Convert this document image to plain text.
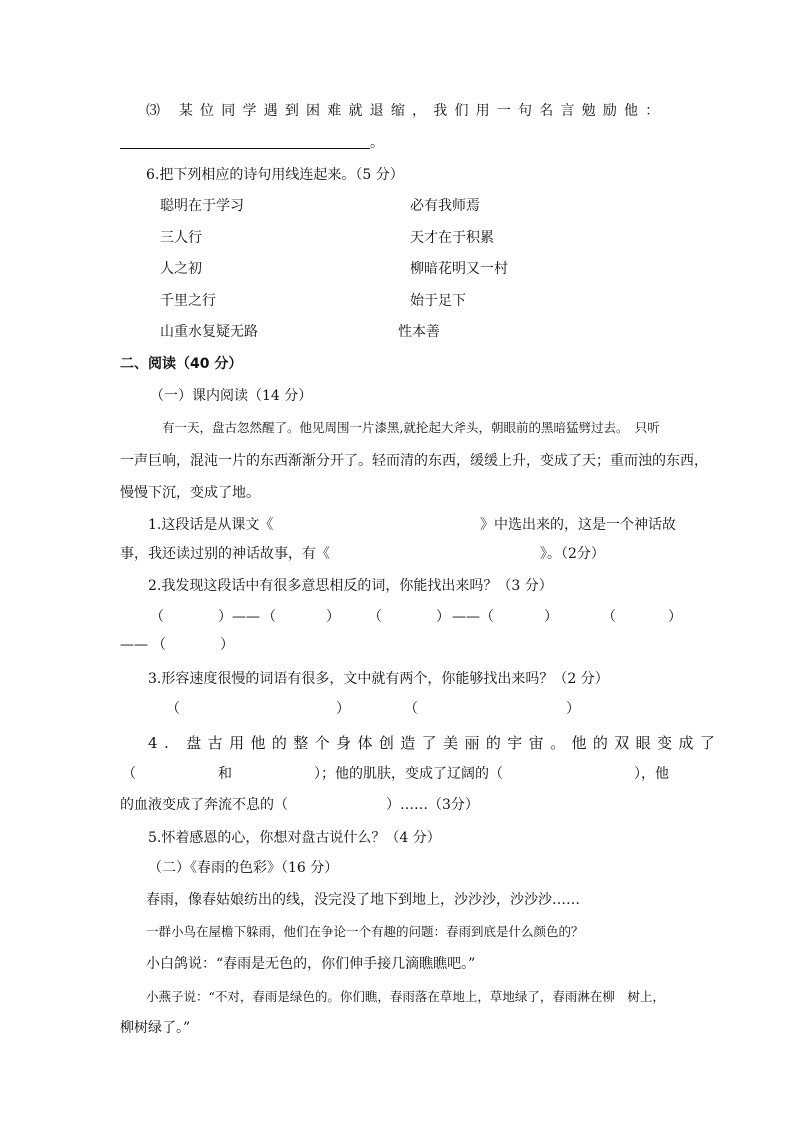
⑶ 某位同学遇到困难就退缩，我们用一句名言勉励他：
。
6.把下列相应的诗句用线连起来。（5 分）
聪明在于学习	必有我师焉
三人行	天才在于积累
人之初	柳暗花明又一村
千里之行	始于足下
山重水复疑无路	性本善
二、阅读（40 分）
（一）课内阅读（14 分）
有一天，盘古忽然醒了。他见周围一片漆黑,就抡起大斧头，朝眼前的黑暗猛劈过去。　只听
一声巨响，混沌一片的东西渐渐分开了。轻而清的东西，缓缓上升，变成了天；重而浊的东西，
慢慢下沉，变成了地。
1.这段话是从课文《	》中选出来的，这是一个神话故
事，我还读过别的神话故事，有《	》。（2分）
2.我发现这段话中有很多意思相反的词，你能找出来吗？（3 分）
（	） —— （	） （	） —— （	）	（	）
—— （	）
3.形容速度很慢的词语有很多，文中就有两个，你能够找出来吗？（2 分）
（	）	（	）
4. 盘古用他的整个身体创造了美丽的宇宙。他的双眼变成了
（	和	）；他的肌肤，变成了辽阔的（	），他
的血液变成了奔流不息的（	）……（3分）
5.怀着感恩的心，你想对盘古说什么？（4 分）
（二）《春雨的色彩》（16 分）
春雨，像春姑娘纺出的线，没完没了地下到地上，沙沙沙，沙沙沙……
一群小鸟在屋檐下躲雨，他们在争论一个有趣的问题：春雨到底是什么颜色的？
小白鸽说：“春雨是无色的，你们伸手接几滴瞧瞧吧。”
小燕子说：“不对，春雨是绿色的。你们瞧，春雨落在草地上，草地绿了，春雨淋在柳　树上，
柳树绿了。”
